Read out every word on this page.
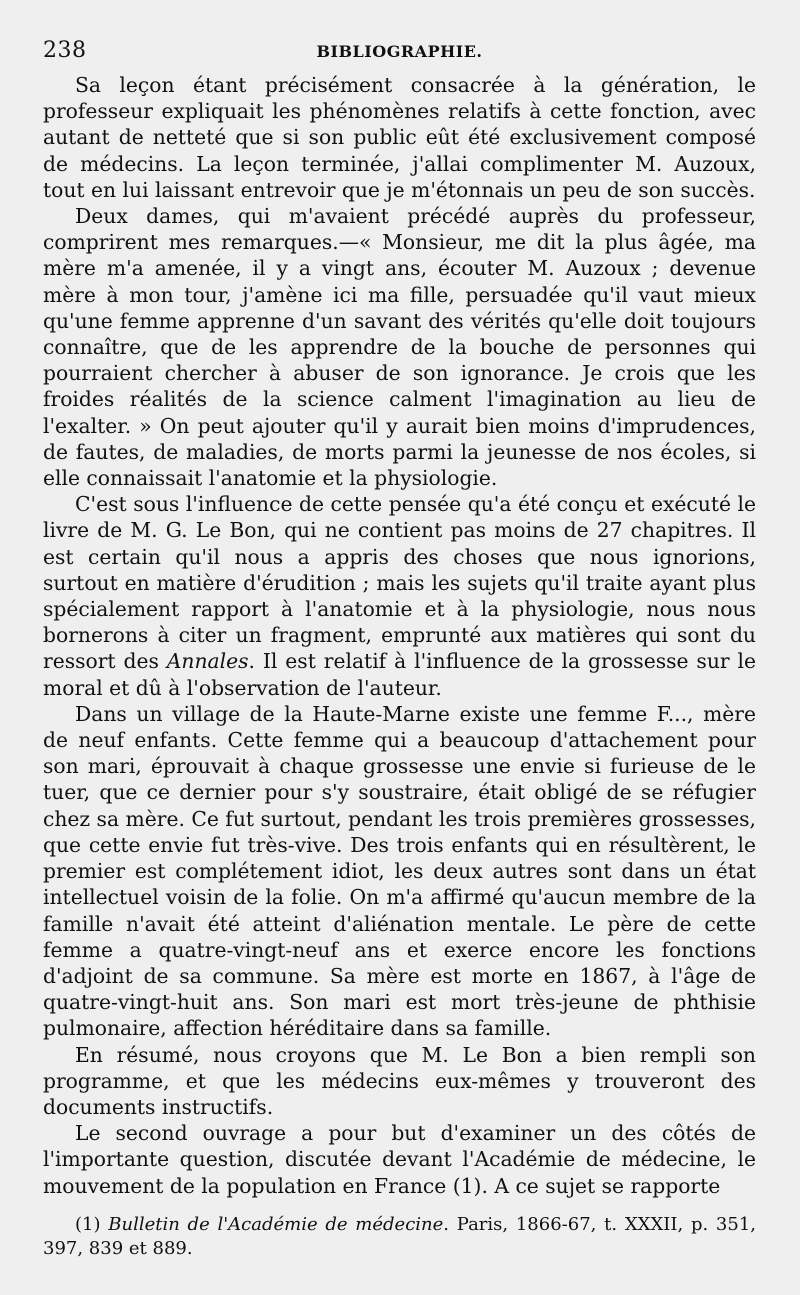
238	BIBLIOGRAPHIE.

Sa leçon étant précisément consacrée à la génération, le professeur expliquait les phénomènes relatifs à cette fonction, avec autant de netteté que si son public eût été exclusivement composé de médecins. La leçon terminée, j'allai complimenter M. Auzoux, tout en lui laissant entrevoir que je m'étonnais un peu de son succès.

Deux dames, qui m'avaient précédé auprès du professeur, comprirent mes remarques.—« Monsieur, me dit la plus âgée, ma mère m'a amenée, il y a vingt ans, écouter M. Auzoux ; devenue mère à mon tour, j'amène ici ma fille, persuadée qu'il vaut mieux qu'une femme apprenne d'un savant des vérités qu'elle doit toujours connaître, que de les apprendre de la bouche de personnes qui pourraient chercher à abuser de son ignorance. Je crois que les froides réalités de la science calment l'imagination au lieu de l'exalter. » On peut ajouter qu'il y aurait bien moins d'imprudences, de fautes, de maladies, de morts parmi la jeunesse de nos écoles, si elle connaissait l'anatomie et la physiologie.

C'est sous l'influence de cette pensée qu'a été conçu et exécuté le livre de M. G. Le Bon, qui ne contient pas moins de 27 chapitres. Il est certain qu'il nous a appris des choses que nous ignorions, surtout en matière d'érudition ; mais les sujets qu'il traite ayant plus spécialement rapport à l'anatomie et à la physiologie, nous nous bornerons à citer un fragment, emprunté aux matières qui sont du ressort des Annales. Il est relatif à l'influence de la grossesse sur le moral et dû à l'observation de l'auteur.

Dans un village de la Haute-Marne existe une femme F..., mère de neuf enfants. Cette femme qui a beaucoup d'attachement pour son mari, éprouvait à chaque grossesse une envie si furieuse de le tuer, que ce dernier pour s'y soustraire, était obligé de se réfugier chez sa mère. Ce fut surtout, pendant les trois premières grossesses, que cette envie fut très-vive. Des trois enfants qui en résultèrent, le premier est complétement idiot, les deux autres sont dans un état intellectuel voisin de la folie. On m'a affirmé qu'aucun membre de la famille n'avait été atteint d'aliénation mentale. Le père de cette femme a quatre-vingt-neuf ans et exerce encore les fonctions d'adjoint de sa commune. Sa mère est morte en 1867, à l'âge de quatre-vingt-huit ans. Son mari est mort très-jeune de phthisie pulmonaire, affection héréditaire dans sa famille.

En résumé, nous croyons que M. Le Bon a bien rempli son programme, et que les médecins eux-mêmes y trouveront des documents instructifs.

Le second ouvrage a pour but d'examiner un des côtés de l'importante question, discutée devant l'Académie de médecine, le mouvement de la population en France (1). A ce sujet se rapporte

(1) Bulletin de l'Académie de médecine. Paris, 1866-67, t. XXXII, p. 351, 397, 839 et 889.
